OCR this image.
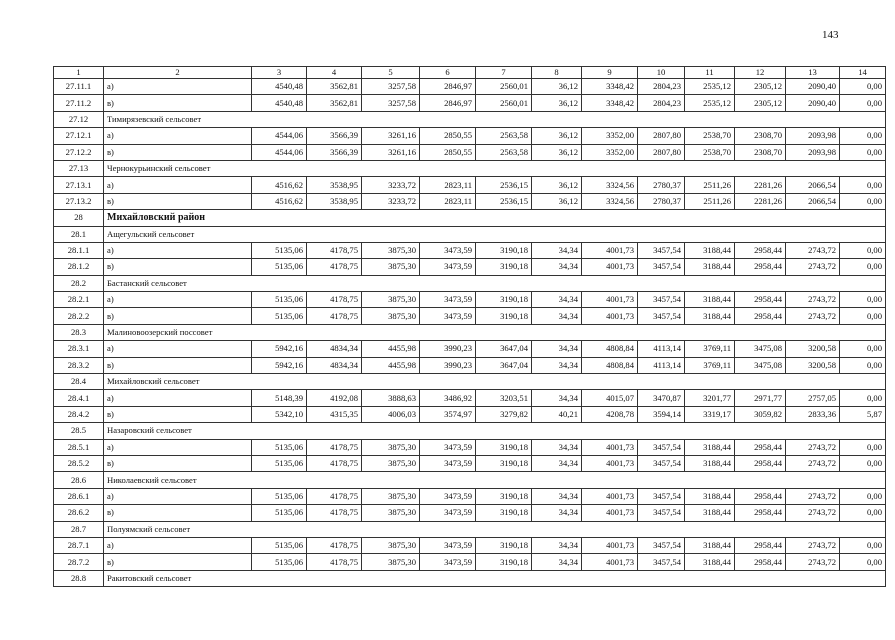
143
1	2	3	4	5	6	7	8	9	10	11	12	13	14
27.11.1	а)	4540,48	3562,81	3257,58	2846,97	2560,01	36,12	3348,42	2804,23	2535,12	2305,12	2090,40	0,00
27.11.2	в)	4540,48	3562,81	3257,58	2846,97	2560,01	36,12	3348,42	2804,23	2535,12	2305,12	2090,40	0,00
27.12	Тимирязевский сельсовет												
27.12.1	а)	4544,06	3566,39	3261,16	2850,55	2563,58	36,12	3352,00	2807,80	2538,70	2308,70	2093,98	0,00
27.12.2	в)	4544,06	3566,39	3261,16	2850,55	2563,58	36,12	3352,00	2807,80	2538,70	2308,70	2093,98	0,00
27.13	Чернокурьинский сельсовет												
27.13.1	а)	4516,62	3538,95	3233,72	2823,11	2536,15	36,12	3324,56	2780,37	2511,26	2281,26	2066,54	0,00
27.13.2	в)	4516,62	3538,95	3233,72	2823,11	2536,15	36,12	3324,56	2780,37	2511,26	2281,26	2066,54	0,00
28	Михайловский район												
28.1	Ащегульский сельсовет												
28.1.1	а)	5135,06	4178,75	3875,30	3473,59	3190,18	34,34	4001,73	3457,54	3188,44	2958,44	2743,72	0,00
28.1.2	в)	5135,06	4178,75	3875,30	3473,59	3190,18	34,34	4001,73	3457,54	3188,44	2958,44	2743,72	0,00
28.2	Бастанский сельсовет												
28.2.1	а)	5135,06	4178,75	3875,30	3473,59	3190,18	34,34	4001,73	3457,54	3188,44	2958,44	2743,72	0,00
28.2.2	в)	5135,06	4178,75	3875,30	3473,59	3190,18	34,34	4001,73	3457,54	3188,44	2958,44	2743,72	0,00
28.3	Малиновоозерский поссовет												
28.3.1	а)	5942,16	4834,34	4455,98	3990,23	3647,04	34,34	4808,84	4113,14	3769,11	3475,08	3200,58	0,00
28.3.2	в)	5942,16	4834,34	4455,98	3990,23	3647,04	34,34	4808,84	4113,14	3769,11	3475,08	3200,58	0,00
28.4	Михайловский сельсовет												
28.4.1	а)	5148,39	4192,08	3888,63	3486,92	3203,51	34,34	4015,07	3470,87	3201,77	2971,77	2757,05	0,00
28.4.2	в)	5342,10	4315,35	4006,03	3574,97	3279,82	40,21	4208,78	3594,14	3319,17	3059,82	2833,36	5,87
28.5	Назаровский сельсовет												
28.5.1	а)	5135,06	4178,75	3875,30	3473,59	3190,18	34,34	4001,73	3457,54	3188,44	2958,44	2743,72	0,00
28.5.2	в)	5135,06	4178,75	3875,30	3473,59	3190,18	34,34	4001,73	3457,54	3188,44	2958,44	2743,72	0,00
28.6	Николаевский сельсовет												
28.6.1	а)	5135,06	4178,75	3875,30	3473,59	3190,18	34,34	4001,73	3457,54	3188,44	2958,44	2743,72	0,00
28.6.2	в)	5135,06	4178,75	3875,30	3473,59	3190,18	34,34	4001,73	3457,54	3188,44	2958,44	2743,72	0,00
28.7	Полуямский сельсовет												
28.7.1	а)	5135,06	4178,75	3875,30	3473,59	3190,18	34,34	4001,73	3457,54	3188,44	2958,44	2743,72	0,00
28.7.2	в)	5135,06	4178,75	3875,30	3473,59	3190,18	34,34	4001,73	3457,54	3188,44	2958,44	2743,72	0,00
28.8	Ракитовский сельсовет												
